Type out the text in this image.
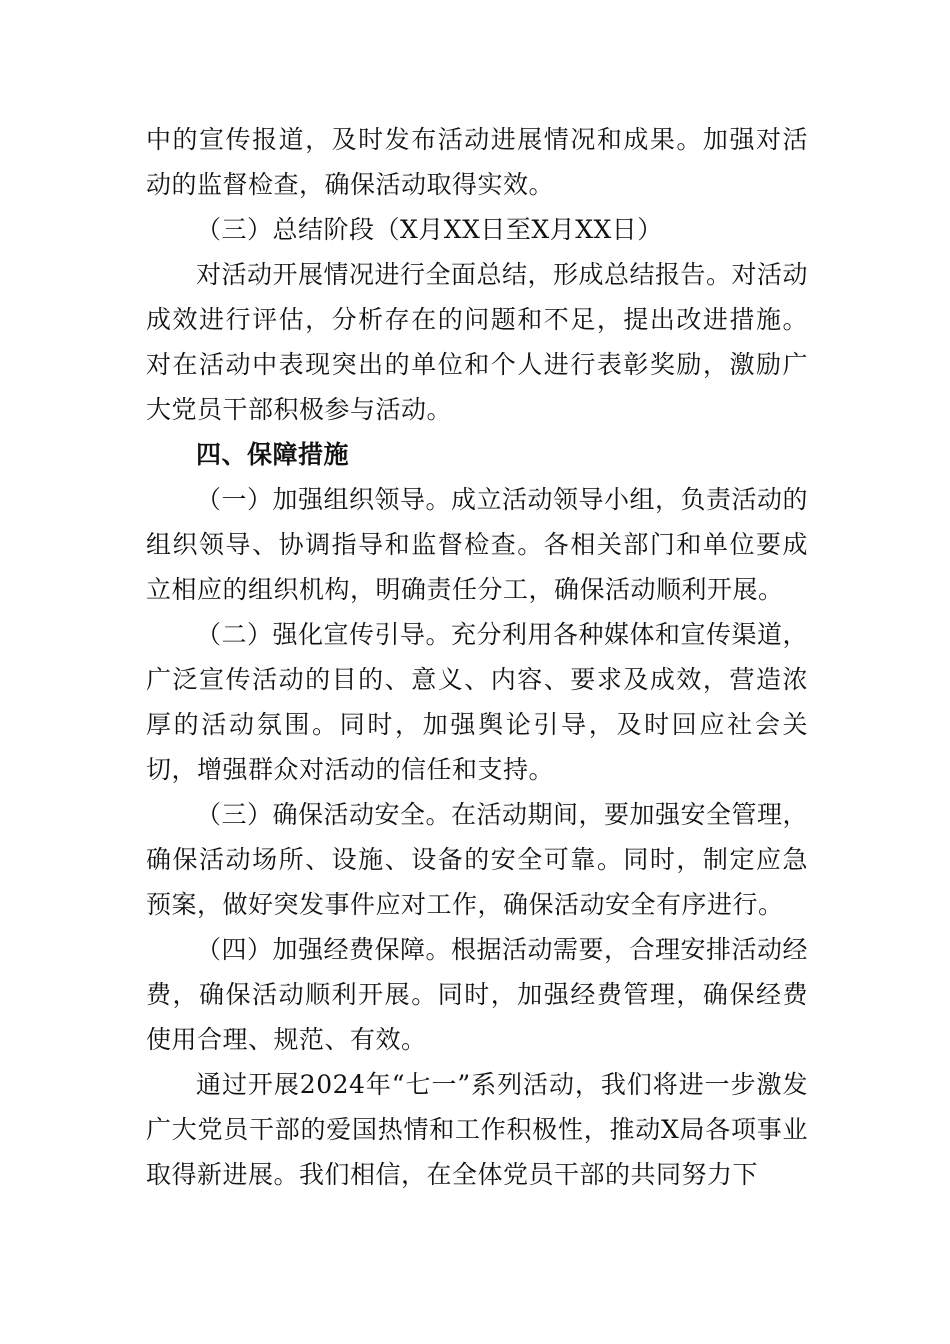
中的宣传报道，及时发布活动进展情况和成果。加强对活动的监督检查，确保活动取得实效。

（三）总结阶段（X月XX日至X月XX日）

对活动开展情况进行全面总结，形成总结报告。对活动成效进行评估，分析存在的问题和不足，提出改进措施。对在活动中表现突出的单位和个人进行表彰奖励，激励广大党员干部积极参与活动。

四、保障措施

（一）加强组织领导。成立活动领导小组，负责活动的组织领导、协调指导和监督检查。各相关部门和单位要成立相应的组织机构，明确责任分工，确保活动顺利开展。

（二）强化宣传引导。充分利用各种媒体和宣传渠道，广泛宣传活动的目的、意义、内容、要求及成效，营造浓厚的活动氛围。同时，加强舆论引导，及时回应社会关切，增强群众对活动的信任和支持。

（三）确保活动安全。在活动期间，要加强安全管理，确保活动场所、设施、设备的安全可靠。同时，制定应急预案，做好突发事件应对工作，确保活动安全有序进行。

（四）加强经费保障。根据活动需要，合理安排活动经费，确保活动顺利开展。同时，加强经费管理，确保经费使用合理、规范、有效。

通过开展2024年“七一”系列活动，我们将进一步激发广大党员干部的爱国热情和工作积极性，推动X局各项事业取得新进展。我们相信，在全体党员干部的共同努力下
